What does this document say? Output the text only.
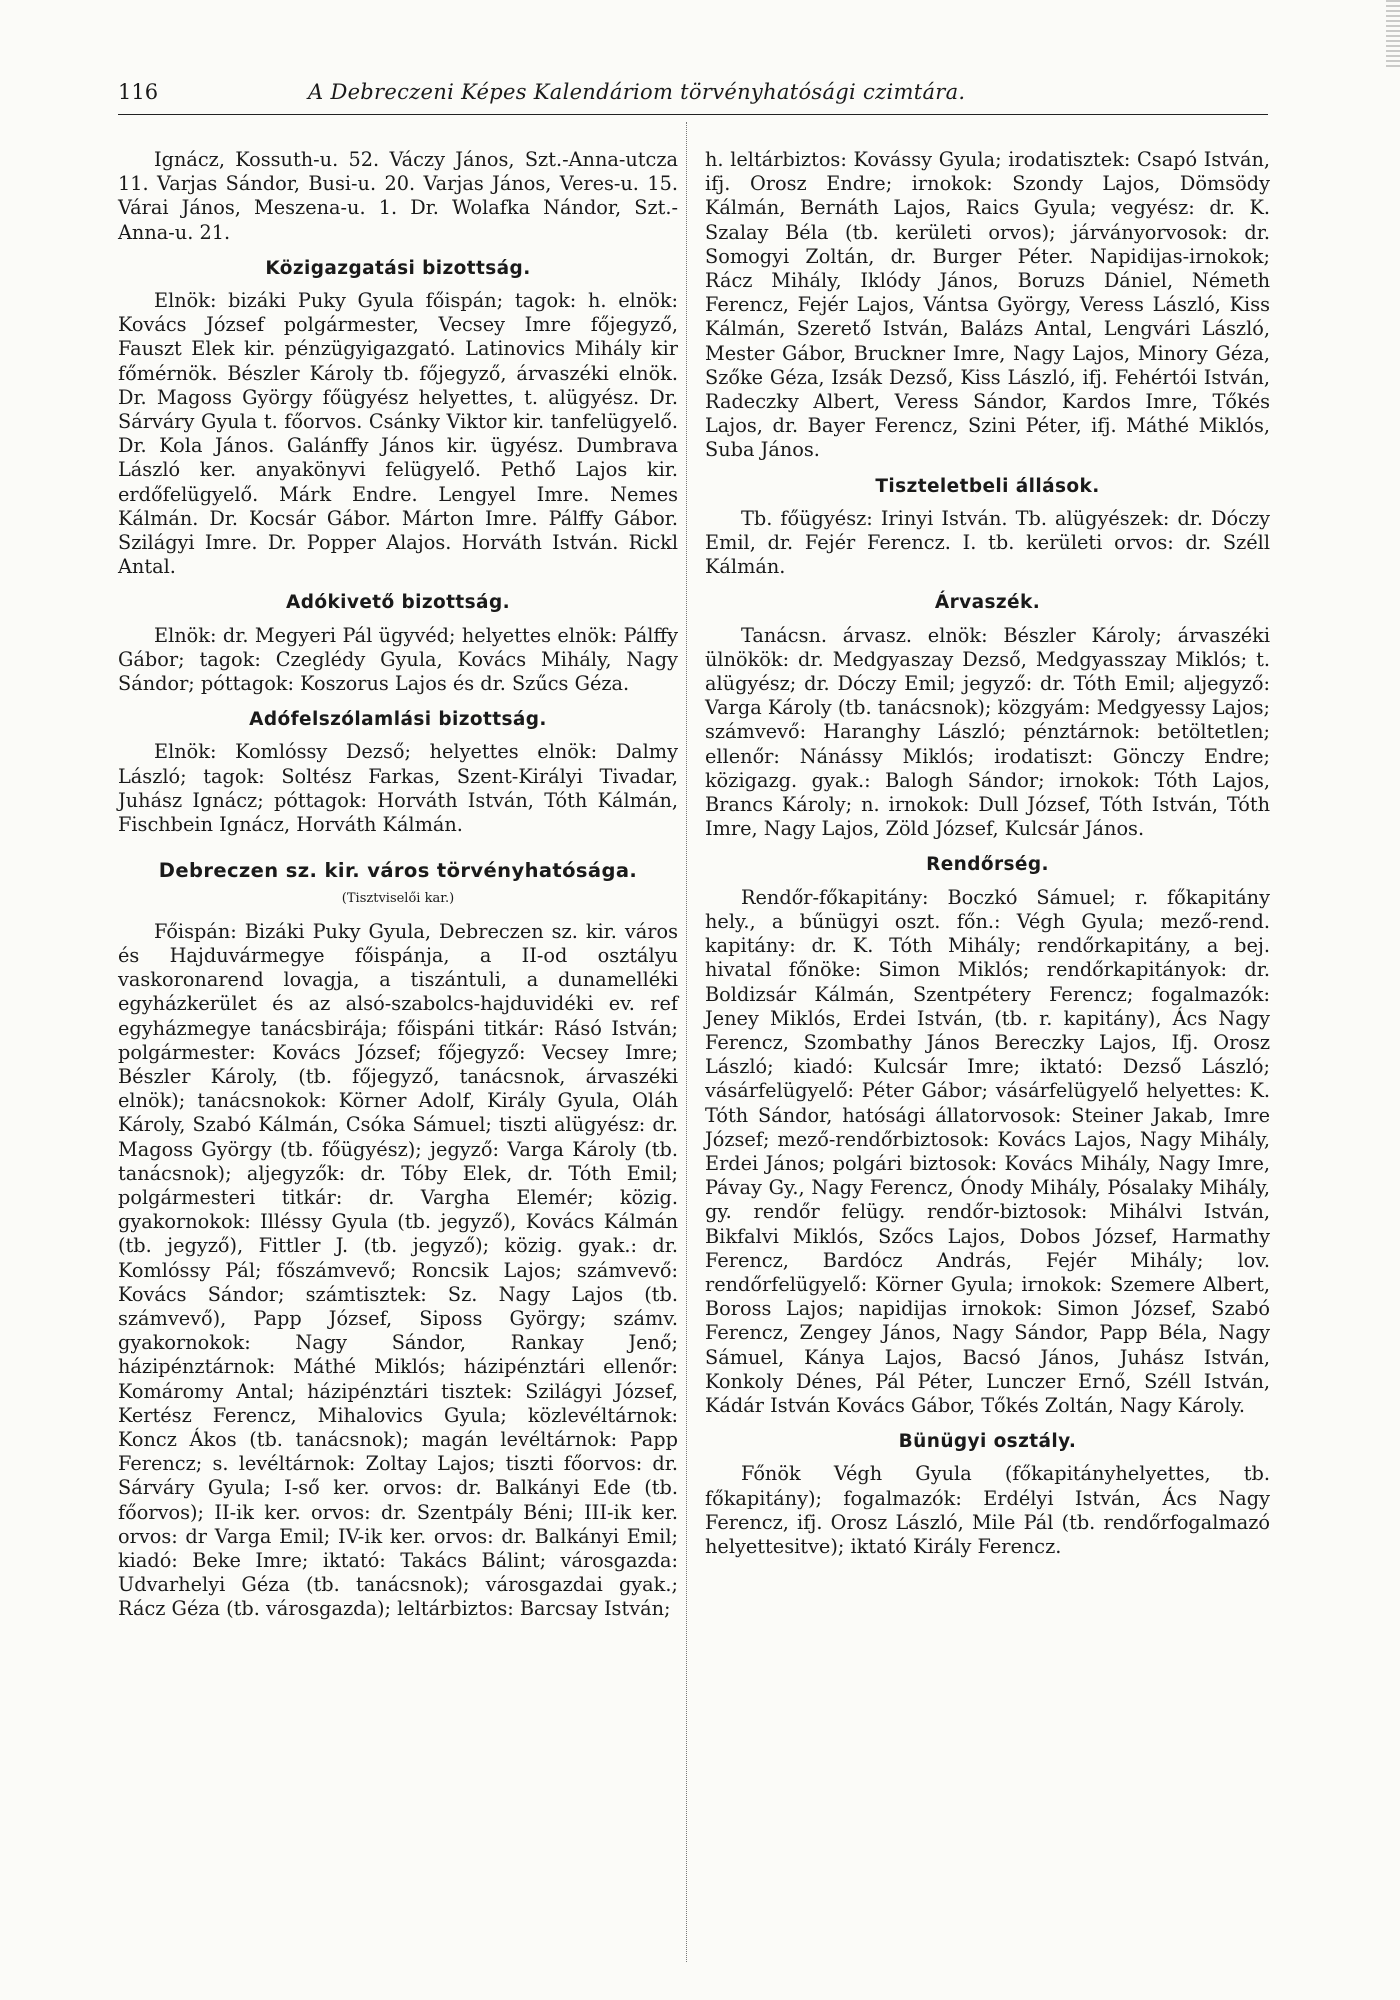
116	A Debreczeni Képes Kalendáriom törvényhatósági czimtára.

Ignácz, Kossuth-u. 52. Váczy János, Szt.-Anna-utcza 11. Varjas Sándor, Busi-u. 20. Varjas János, Veres-u. 15. Várai János, Meszena-u. 1. Dr. Wolafka Nándor, Szt.-Anna-u. 21.

Közigazgatási bizottság.

Elnök: bizáki Puky Gyula főispán; tagok: h. elnök: Kovács József polgármester, Vecsey Imre főjegyző, Fauszt Elek kir. pénzügyigazgató. Latinovics Mihály kir főmérnök. Bészler Károly tb. főjegyző, árvaszéki elnök. Dr. Magoss György főügyész helyettes, t. alügyész. Dr. Sárváry Gyula t. főorvos. Csánky Viktor kir. tanfelügyelő. Dr. Kola János. Galánffy János kir. ügyész. Dumbrava László ker. anyakönyvi felügyelő. Pethő Lajos kir. erdőfelügyelő. Márk Endre. Lengyel Imre. Nemes Kálmán. Dr. Kocsár Gábor. Márton Imre. Pálffy Gábor. Szilágyi Imre. Dr. Popper Alajos. Horváth István. Rickl Antal.

Adókivető bizottság.

Elnök: dr. Megyeri Pál ügyvéd; helyettes elnök: Pálffy Gábor; tagok: Czeglédy Gyula, Kovács Mihály, Nagy Sándor; póttagok: Koszorus Lajos és dr. Szűcs Géza.

Adófelszólamlási bizottság.

Elnök: Komlóssy Dezső; helyettes elnök: Dalmy László; tagok: Soltész Farkas, Szent-Királyi Tivadar, Juhász Ignácz; póttagok: Horváth István, Tóth Kálmán, Fischbein Ignácz, Horváth Kálmán.

Debreczen sz. kir. város törvényhatósága.
(Tisztviselői kar.)

Főispán: Bizáki Puky Gyula, Debreczen sz. kir. város és Hajduvármegye főispánja, a II-od osztályu vaskoronarend lovagja, a tiszántuli, a dunamelléki egyházkerület és az alsó-szabolcs-hajduvidéki ev. ref egyházmegye tanácsbirája; főispáni titkár: Rásó István; polgármester: Kovács József; főjegyző: Vecsey Imre; Bészler Károly, (tb. főjegyző, tanácsnok, árvaszéki elnök); tanácsnokok: Körner Adolf, Király Gyula, Oláh Károly, Szabó Kálmán, Csóka Sámuel; tiszti alügyész: dr. Magoss György (tb. főügyész); jegyző: Varga Károly (tb. tanácsnok); aljegyzők: dr. Tóby Elek, dr. Tóth Emil; polgármesteri titkár: dr. Vargha Elemér; közig. gyakornokok: Illéssy Gyula (tb. jegyző), Kovács Kálmán (tb. jegyző), Fittler J. (tb. jegyző); közig. gyak.: dr. Komlóssy Pál; főszámvevő; Roncsik Lajos; számvevő: Kovács Sándor; számtisztek: Sz. Nagy Lajos (tb. számvevő), Papp József, Siposs György; számv. gyakornokok: Nagy Sándor, Rankay Jenő; házipénztárnok: Máthé Miklós; házipénztári ellenőr: Komáromy Antal; házipénztári tisztek: Szilágyi József, Kertész Ferencz, Mihalovics Gyula; közlevéltárnok: Koncz Ákos (tb. tanácsnok); magán levéltárnok: Papp Ferencz; s. levéltárnok: Zoltay Lajos; tiszti főorvos: dr. Sárváry Gyula; I-ső ker. orvos: dr. Balkányi Ede (tb. főorvos); II-ik ker. orvos: dr. Szentpály Béni; III-ik ker. orvos: dr Varga Emil; IV-ik ker. orvos: dr. Balkányi Emil; kiadó: Beke Imre; iktató: Takács Bálint; városgazda: Udvarhelyi Géza (tb. tanácsnok); városgazdai gyak.; Rácz Géza (tb. városgazda); leltárbiztos: Barcsay István;

h. leltárbiztos: Kovássy Gyula; irodatisztek: Csapó István, ifj. Orosz Endre; irnokok: Szondy Lajos, Dömsödy Kálmán, Bernáth Lajos, Raics Gyula; vegyész: dr. K. Szalay Béla (tb. kerületi orvos); járványorvosok: dr. Somogyi Zoltán, dr. Burger Péter. Napidijas-irnokok; Rácz Mihály, Iklódy János, Boruzs Dániel, Németh Ferencz, Fejér Lajos, Vántsa György, Veress László, Kiss Kálmán, Szerető István, Balázs Antal, Lengvári László, Mester Gábor, Bruckner Imre, Nagy Lajos, Minory Géza, Szőke Géza, Izsák Dezső, Kiss László, ifj. Fehértói István, Radeczky Albert, Veress Sándor, Kardos Imre, Tőkés Lajos, dr. Bayer Ferencz, Szini Péter, ifj. Máthé Miklós, Suba János.

Tiszteletbeli állások.

Tb. főügyész: Irinyi István. Tb. alügyészek: dr. Dóczy Emil, dr. Fejér Ferencz. I. tb. kerületi orvos: dr. Széll Kálmán.

Árvaszék.

Tanácsn. árvasz. elnök: Bészler Károly; árvaszéki ülnökök: dr. Medgyaszay Dezső, Medgyasszay Miklós; t. alügyész; dr. Dóczy Emil; jegyző: dr. Tóth Emil; aljegyző: Varga Károly (tb. tanácsnok); közgyám: Medgyessy Lajos; számvevő: Haranghy László; pénztárnok: betöltetlen; ellenőr: Nánássy Miklós; irodatiszt: Gönczy Endre; közigazg. gyak.: Balogh Sándor; irnokok: Tóth Lajos, Brancs Károly; n. irnokok: Dull József, Tóth István, Tóth Imre, Nagy Lajos, Zöld József, Kulcsár János.

Rendőrség.

Rendőr-főkapitány: Boczkó Sámuel; r. főkapitány hely., a bűnügyi oszt. főn.: Végh Gyula; mező-rend. kapitány: dr. K. Tóth Mihály; rendőrkapitány, a bej. hivatal főnöke: Simon Miklós; rendőrkapitányok: dr. Boldizsár Kálmán, Szentpétery Ferencz; fogalmazók: Jeney Miklós, Erdei István, (tb. r. kapitány), Ács Nagy Ferencz, Szombathy János Bereczky Lajos, Ifj. Orosz László; kiadó: Kulcsár Imre; iktató: Dezső László; vásárfelügyelő: Péter Gábor; vásárfelügyelő helyettes: K. Tóth Sándor, hatósági állatorvosok: Steiner Jakab, Imre József; mező-rendőrbiztosok: Kovács Lajos, Nagy Mihály, Erdei János; polgári biztosok: Kovács Mihály, Nagy Imre, Pávay Gy., Nagy Ferencz, Ónody Mihály, Pósalaky Mihály, gy. rendőr felügy. rendőr-biztosok: Mihálvi István, Bikfalvi Miklós, Szőcs Lajos, Dobos József, Harmathy Ferencz, Bardócz András, Fejér Mihály; lov. rendőrfelügyelő: Körner Gyula; irnokok: Szemere Albert, Boross Lajos; napidijas irnokok: Simon József, Szabó Ferencz, Zengey János, Nagy Sándor, Papp Béla, Nagy Sámuel, Kánya Lajos, Bacsó János, Juhász István, Konkoly Dénes, Pál Péter, Lunczer Ernő, Széll István, Kádár István Kovács Gábor, Tőkés Zoltán, Nagy Károly.

Bünügyi osztály.

Főnök Végh Gyula (főkapitányhelyettes, tb. főkapitány); fogalmazók: Erdélyi István, Ács Nagy Ferencz, ifj. Orosz László, Mile Pál (tb. rendőrfogalmazó helyettesitve); iktató Király Ferencz.
